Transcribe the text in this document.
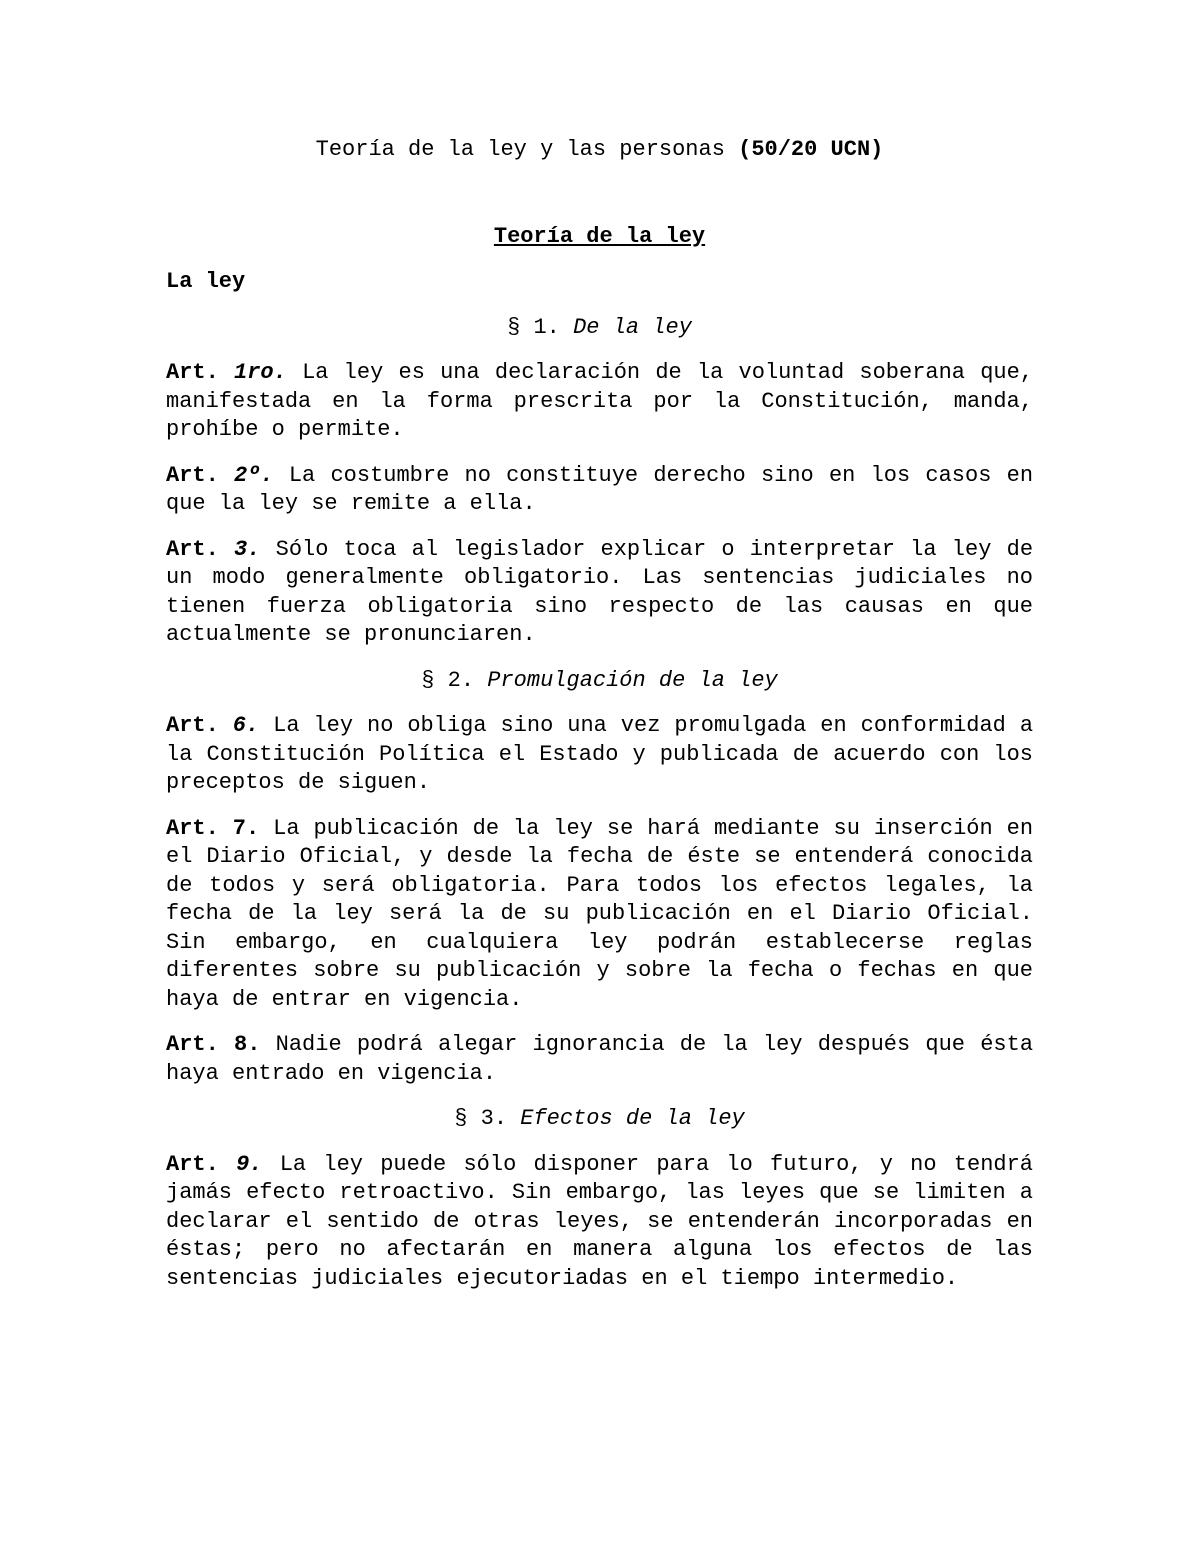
Teoría de la ley y las personas (50/20 UCN)
Teoría de la ley
La ley
§ 1. De la ley
Art. 1ro. La ley es una declaración de la voluntad soberana que, manifestada en la forma prescrita por la Constitución, manda, prohíbe o permite.
Art. 2º. La costumbre no constituye derecho sino en los casos en que la ley se remite a ella.
Art. 3. Sólo toca al legislador explicar o interpretar la ley de un modo generalmente obligatorio. Las sentencias judiciales no tienen fuerza obligatoria sino respecto de las causas en que actualmente se pronunciaren.
§ 2. Promulgación de la ley
Art. 6. La ley no obliga sino una vez promulgada en conformidad a la Constitución Política el Estado y publicada de acuerdo con los preceptos de siguen.
Art. 7. La publicación de la ley se hará mediante su inserción en el Diario Oficial, y desde la fecha de éste se entenderá conocida de todos y será obligatoria. Para todos los efectos legales, la fecha de la ley será la de su publicación en el Diario Oficial. Sin embargo, en cualquiera ley podrán establecerse reglas diferentes sobre su publicación y sobre la fecha o fechas en que haya de entrar en vigencia.
Art. 8. Nadie podrá alegar ignorancia de la ley después que ésta haya entrado en vigencia.
§ 3. Efectos de la ley
Art. 9. La ley puede sólo disponer para lo futuro, y no tendrá jamás efecto retroactivo. Sin embargo, las leyes que se limiten a declarar el sentido de otras leyes, se entenderán incorporadas en éstas; pero no afectarán en manera alguna los efectos de las sentencias judiciales ejecutoriadas en el tiempo intermedio.
